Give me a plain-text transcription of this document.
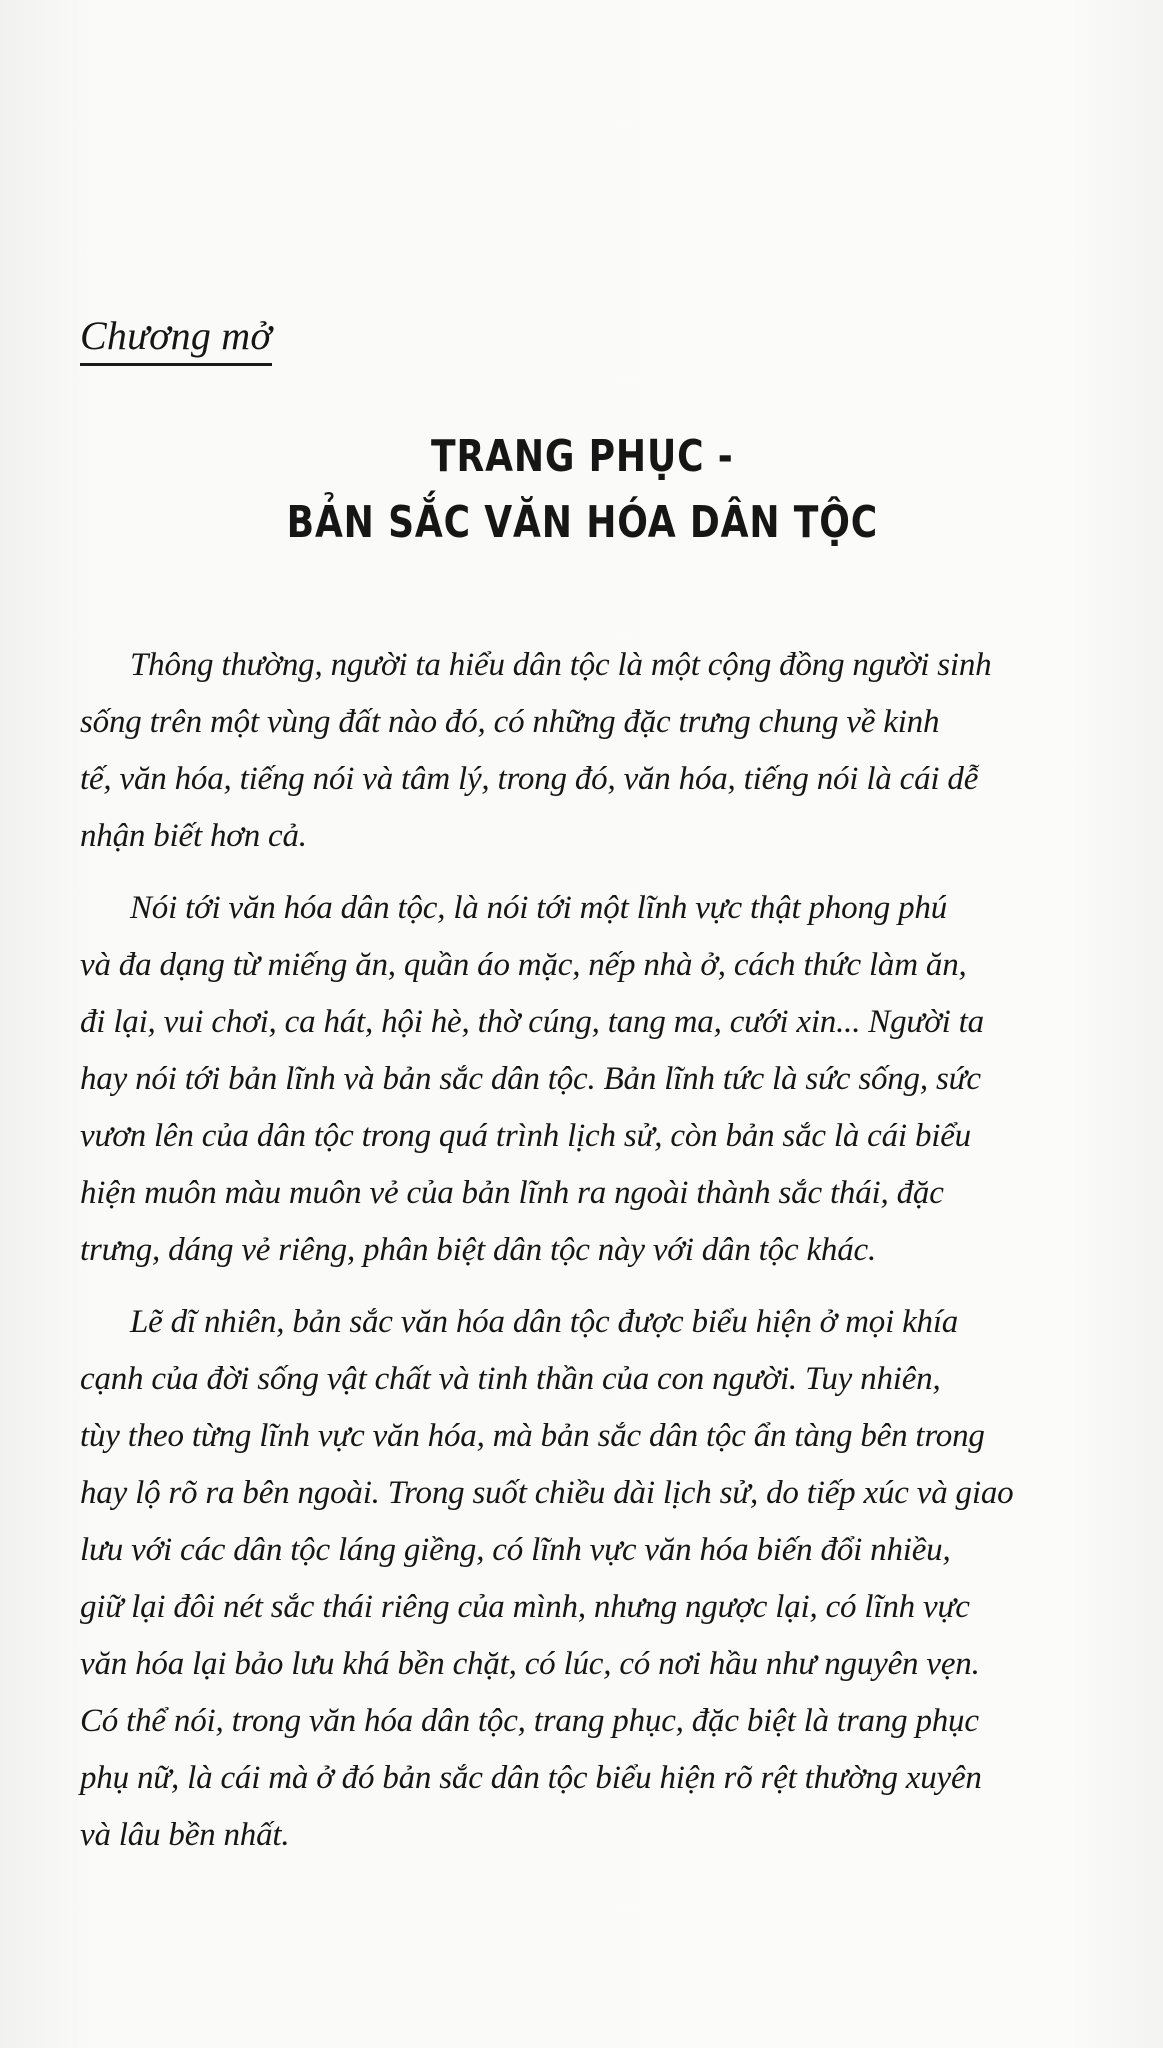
Chương mở
TRANG PHỤC -
BẢN SẮC VĂN HÓA DÂN TỘC

Thông thường, người ta hiểu dân tộc là một cộng đồng người sinh
sống trên một vùng đất nào đó, có những đặc trưng chung về kinh
tế, văn hóa, tiếng nói và tâm lý, trong đó, văn hóa, tiếng nói là cái dễ
nhận biết hơn cả.

Nói tới văn hóa dân tộc, là nói tới một lĩnh vực thật phong phú
và đa dạng từ miếng ăn, quần áo mặc, nếp nhà ở, cách thức làm ăn,
đi lại, vui chơi, ca hát, hội hè, thờ cúng, tang ma, cưới xin... Người ta
hay nói tới bản lĩnh và bản sắc dân tộc. Bản lĩnh tức là sức sống, sức
vươn lên của dân tộc trong quá trình lịch sử, còn bản sắc là cái biểu
hiện muôn màu muôn vẻ của bản lĩnh ra ngoài thành sắc thái, đặc
trưng, dáng vẻ riêng, phân biệt dân tộc này với dân tộc khác.

Lẽ dĩ nhiên, bản sắc văn hóa dân tộc được biểu hiện ở mọi khía
cạnh của đời sống vật chất và tinh thần của con người. Tuy nhiên,
tùy theo từng lĩnh vực văn hóa, mà bản sắc dân tộc ẩn tàng bên trong
hay lộ rõ ra bên ngoài. Trong suốt chiều dài lịch sử, do tiếp xúc và giao
lưu với các dân tộc láng giềng, có lĩnh vực văn hóa biến đổi nhiều,
giữ lại đôi nét sắc thái riêng của mình, nhưng ngược lại, có lĩnh vực
văn hóa lại bảo lưu khá bền chặt, có lúc, có nơi hầu như nguyên vẹn.
Có thể nói, trong văn hóa dân tộc, trang phục, đặc biệt là trang phục
phụ nữ, là cái mà ở đó bản sắc dân tộc biểu hiện rõ rệt thường xuyên
và lâu bền nhất.
